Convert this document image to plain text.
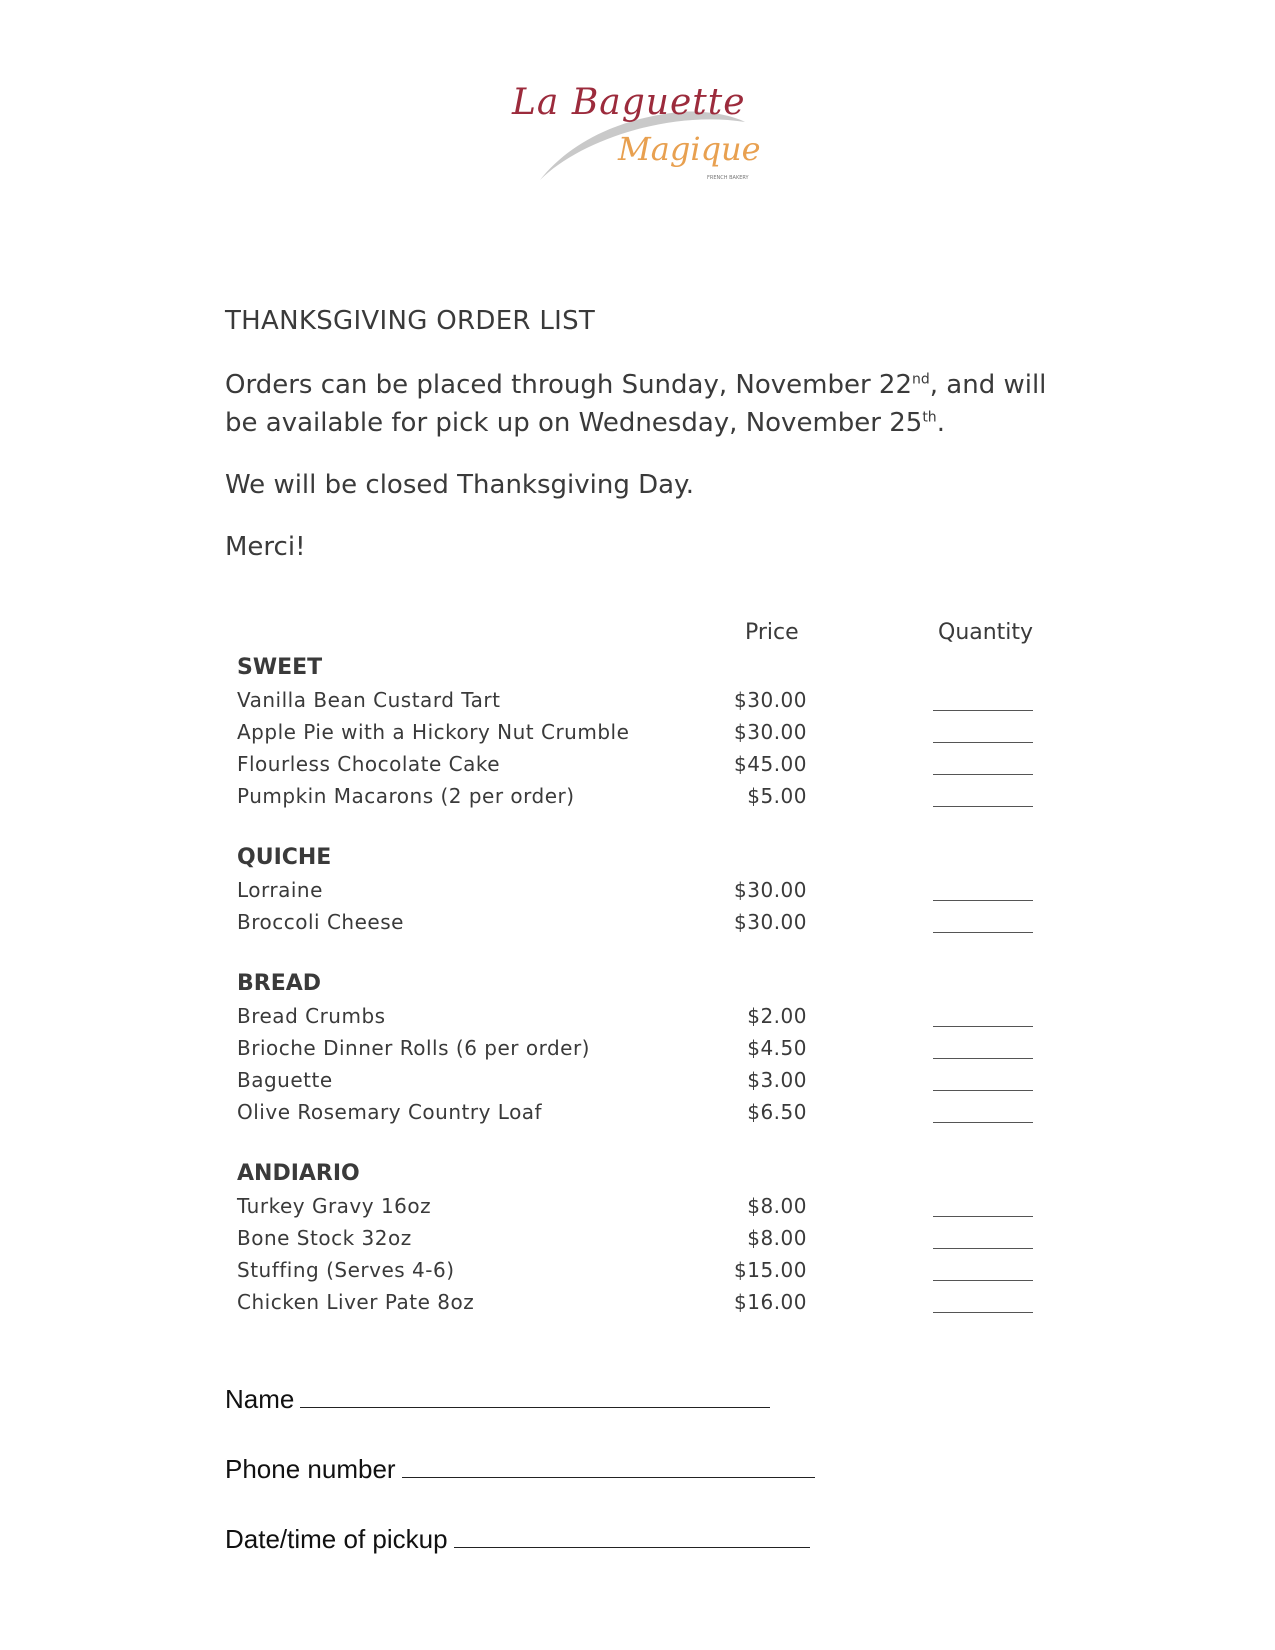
La Baguette
Magique
FRENCH BAKERY
THANKSGIVING ORDER LIST
Orders can be placed through Sunday, November 22nd, and will be available for pick up on Wednesday, November 25th.
We will be closed Thanksgiving Day.
Merci!
Price	Quantity
SWEET
Vanilla Bean Custard Tart	$30.00
Apple Pie with a Hickory Nut Crumble	$30.00
Flourless Chocolate Cake	$45.00
Pumpkin Macarons (2 per order)	$5.00
QUICHE
Lorraine	$30.00
Broccoli Cheese	$30.00
BREAD
Bread Crumbs	$2.00
Brioche Dinner Rolls (6 per order)	$4.50
Baguette	$3.00
Olive Rosemary Country Loaf	$6.50
ANDIARIO
Turkey Gravy 16oz	$8.00
Bone Stock 32oz	$8.00
Stuffing (Serves 4-6)	$15.00
Chicken Liver Pate 8oz	$16.00
Name
Phone number
Date/time of pickup
